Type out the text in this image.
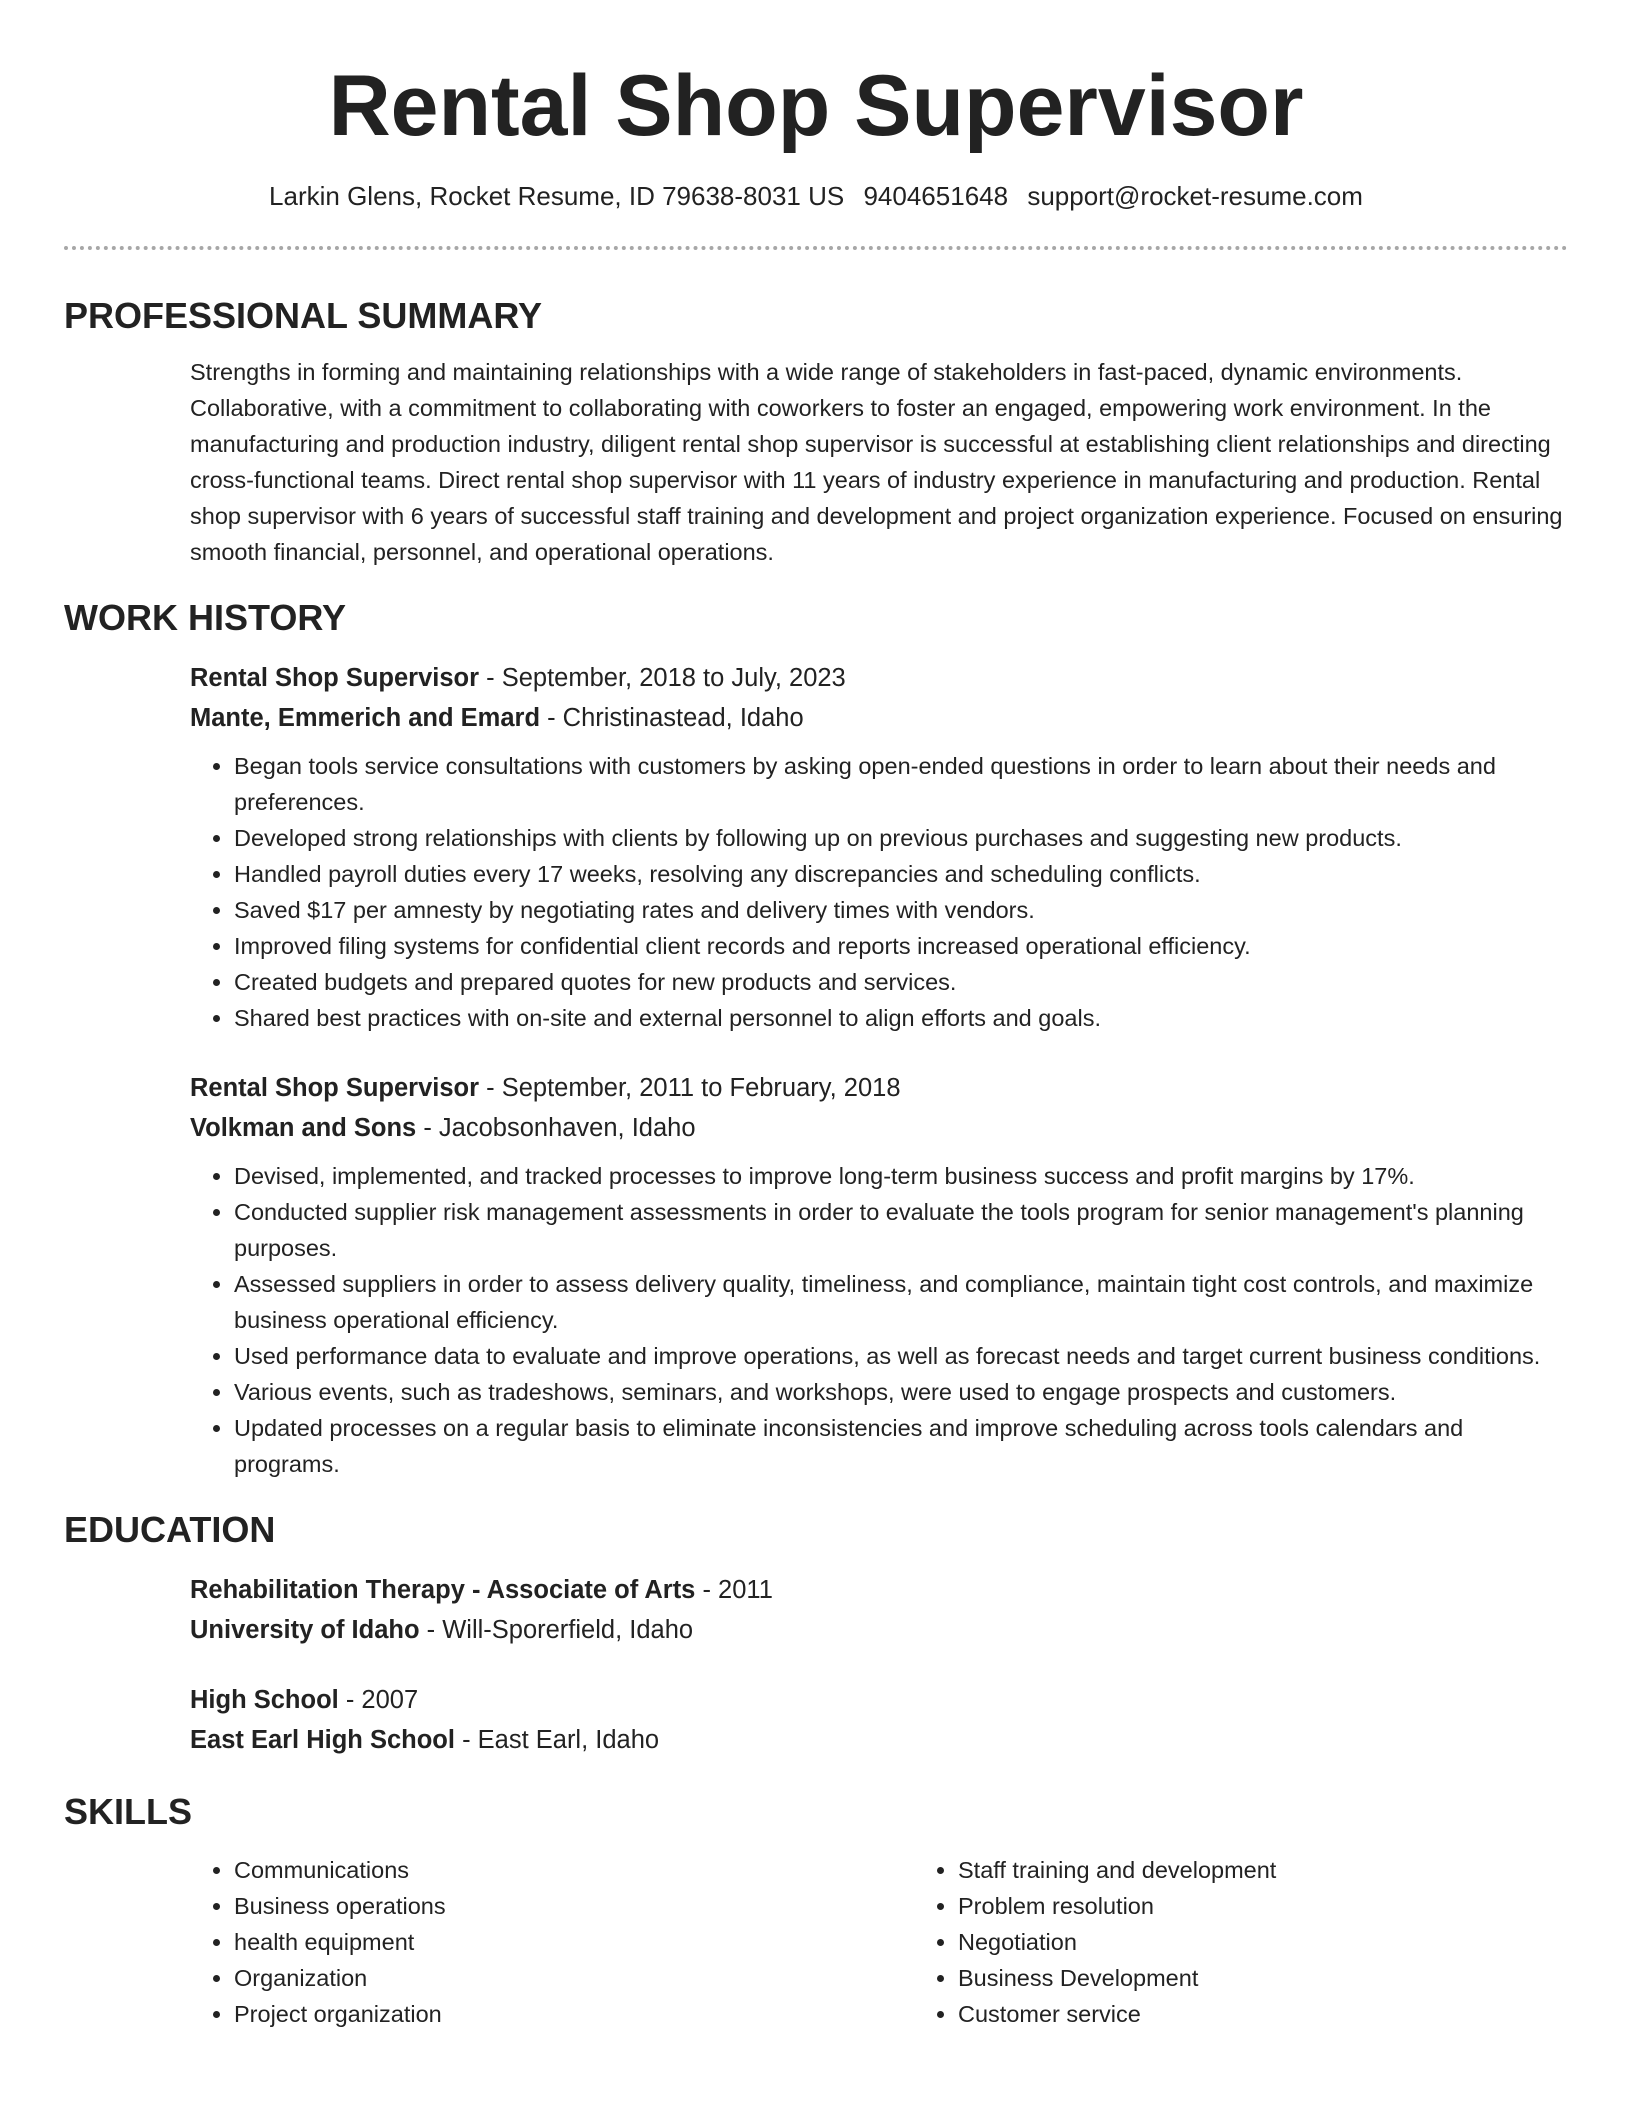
Rental Shop Supervisor
Larkin Glens, Rocket Resume, ID 79638-8031 US 9404651648 support@rocket-resume.com
PROFESSIONAL SUMMARY

Strengths in forming and maintaining relationships with a wide range of stakeholders in fast-paced, dynamic environments. Collaborative, with a commitment to collaborating with coworkers to foster an engaged, empowering work environment. In the manufacturing and production industry, diligent rental shop supervisor is successful at establishing client relationships and directing cross-functional teams. Direct rental shop supervisor with 11 years of industry experience in manufacturing and production. Rental shop supervisor with 6 years of successful staff training and development and project organization experience. Focused on ensuring smooth financial, personnel, and operational operations.

WORK HISTORY
Rental Shop Supervisor - September, 2018 to July, 2023
Mante, Emmerich and Emard - Christinastead, Idaho
• Began tools service consultations with customers by asking open-ended questions in order to learn about their needs and preferences.
• Developed strong relationships with clients by following up on previous purchases and suggesting new products.
• Handled payroll duties every 17 weeks, resolving any discrepancies and scheduling conflicts.
• Saved $17 per amnesty by negotiating rates and delivery times with vendors.
• Improved filing systems for confidential client records and reports increased operational efficiency.
• Created budgets and prepared quotes for new products and services.
• Shared best practices with on-site and external personnel to align efforts and goals.
Rental Shop Supervisor - September, 2011 to February, 2018
Volkman and Sons - Jacobsonhaven, Idaho
• Devised, implemented, and tracked processes to improve long-term business success and profit margins by 17%.
• Conducted supplier risk management assessments in order to evaluate the tools program for senior management's planning purposes.
• Assessed suppliers in order to assess delivery quality, timeliness, and compliance, maintain tight cost controls, and maximize business operational efficiency.
• Used performance data to evaluate and improve operations, as well as forecast needs and target current business conditions.
• Various events, such as tradeshows, seminars, and workshops, were used to engage prospects and customers.
• Updated processes on a regular basis to eliminate inconsistencies and improve scheduling across tools calendars and programs.
EDUCATION
Rehabilitation Therapy - Associate of Arts - 2011
University of Idaho - Will-Sporerfield, Idaho
High School - 2007
East Earl High School - East Earl, Idaho
SKILLS
• Communications
• Business operations
• health equipment
• Organization
• Project organization
• Staff training and development
• Problem resolution
• Negotiation
• Business Development
• Customer service
